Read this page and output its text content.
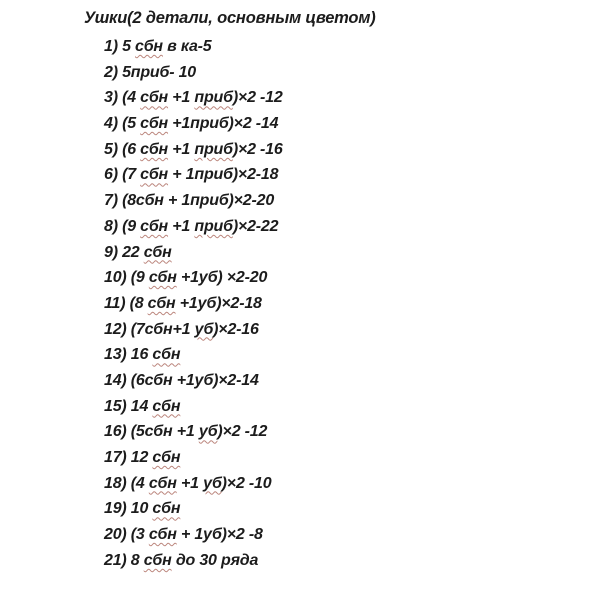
Ушки(2 детали, основным цветом)

1) 5 сбн в ка-5
2) 5приб- 10
3) (4 сбн +1 приб)×2 -12
4) (5 сбн +1приб)×2 -14
5) (6 сбн +1 приб)×2 -16
6) (7 сбн + 1приб)×2-18
7) (8сбн + 1приб)×2-20
8) (9 сбн +1 приб)×2-22
9) 22 сбн
10) (9 сбн +1уб) ×2-20
11) (8 сбн +1уб)×2-18
12) (7сбн+1 уб)×2-16
13) 16 сбн
14) (6сбн +1уб)×2-14
15) 14 сбн
16) (5сбн +1 уб)×2 -12
17) 12 сбн
18) (4 сбн +1 уб)×2 -10
19) 10 сбн
20) (3 сбн + 1уб)×2 -8
21) 8 сбн до 30 ряда
